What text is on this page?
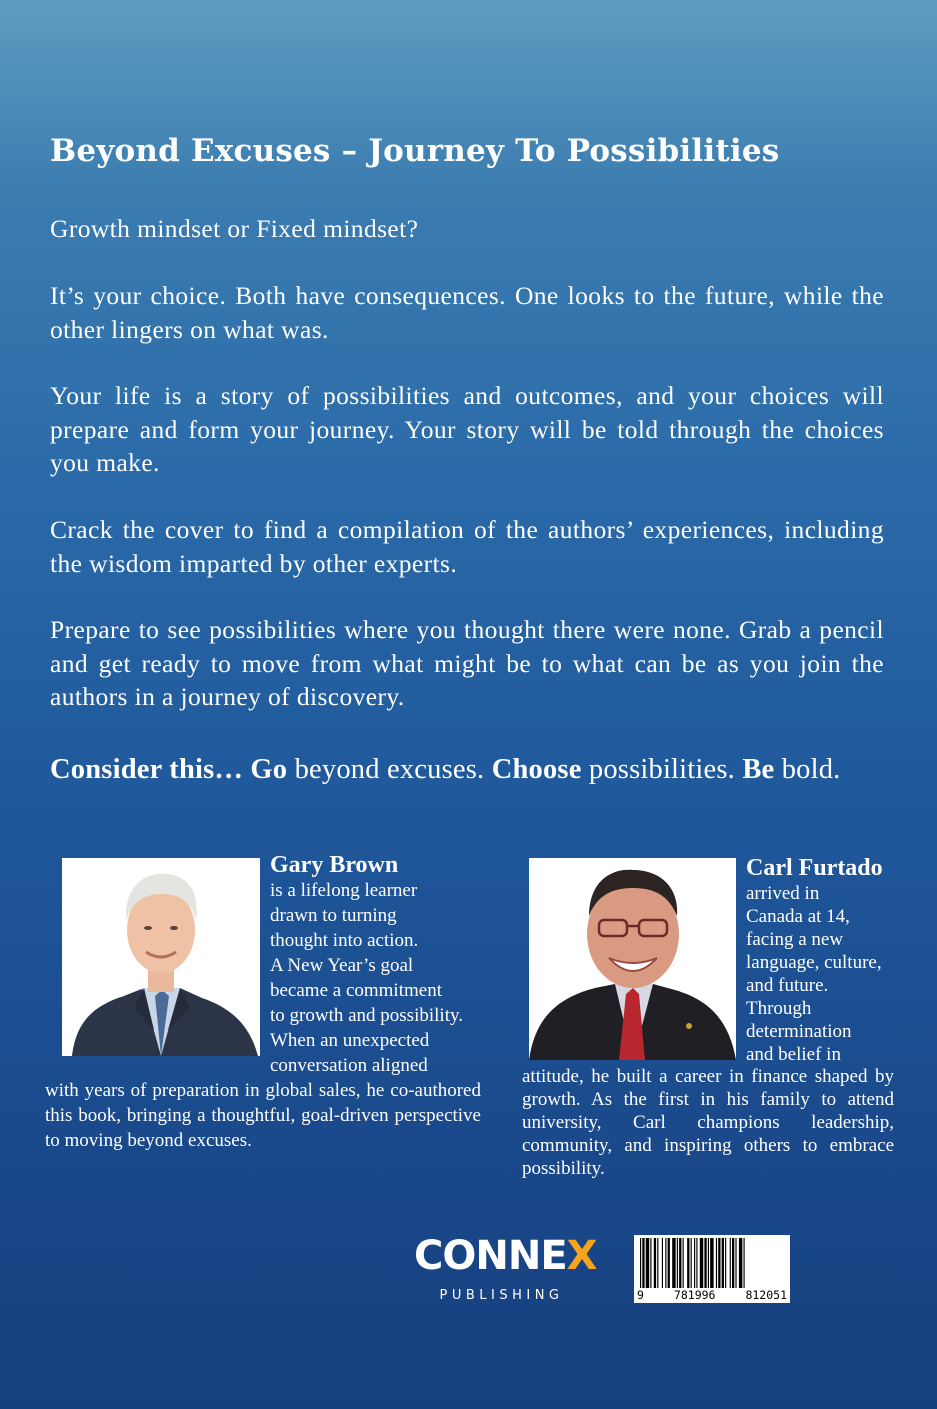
Beyond Excuses – Journey To Possibilities

Growth mindset or Fixed mindset?

It’s your choice. Both have consequences. One looks to the future, while the other lingers on what was.

Your life is a story of possibilities and outcomes, and your choices will prepare and form your journey. Your story will be told through the choices you make.

Crack the cover to find a compilation of the authors’ experiences, including the wisdom imparted by other experts.

Prepare to see possibilities where you thought there were none. Grab a pencil and get ready to move from what might be to what can be as you join the authors in a journey of discovery.

Consider this… Go beyond excuses. Choose possibilities. Be bold.

Gary Brown

is a lifelong learner
drawn to turning
thought into action.
A New Year’s goal
became a commitment
to growth and possibility.
When an unexpected
conversation aligned

with years of preparation in global sales, he co-authored this book, bringing a thoughtful, goal-driven perspective to moving beyond excuses.

Carl Furtado

arrived in
Canada at 14,
facing a new
language, culture,
and future.
Through
determination
and belief in

attitude, he built a career in finance shaped by growth. As the first in his family to attend university, Carl champions leadership, community, and inspiring others to embrace possibility.

CONNEX
PUBLISHING	9	781996	812051
